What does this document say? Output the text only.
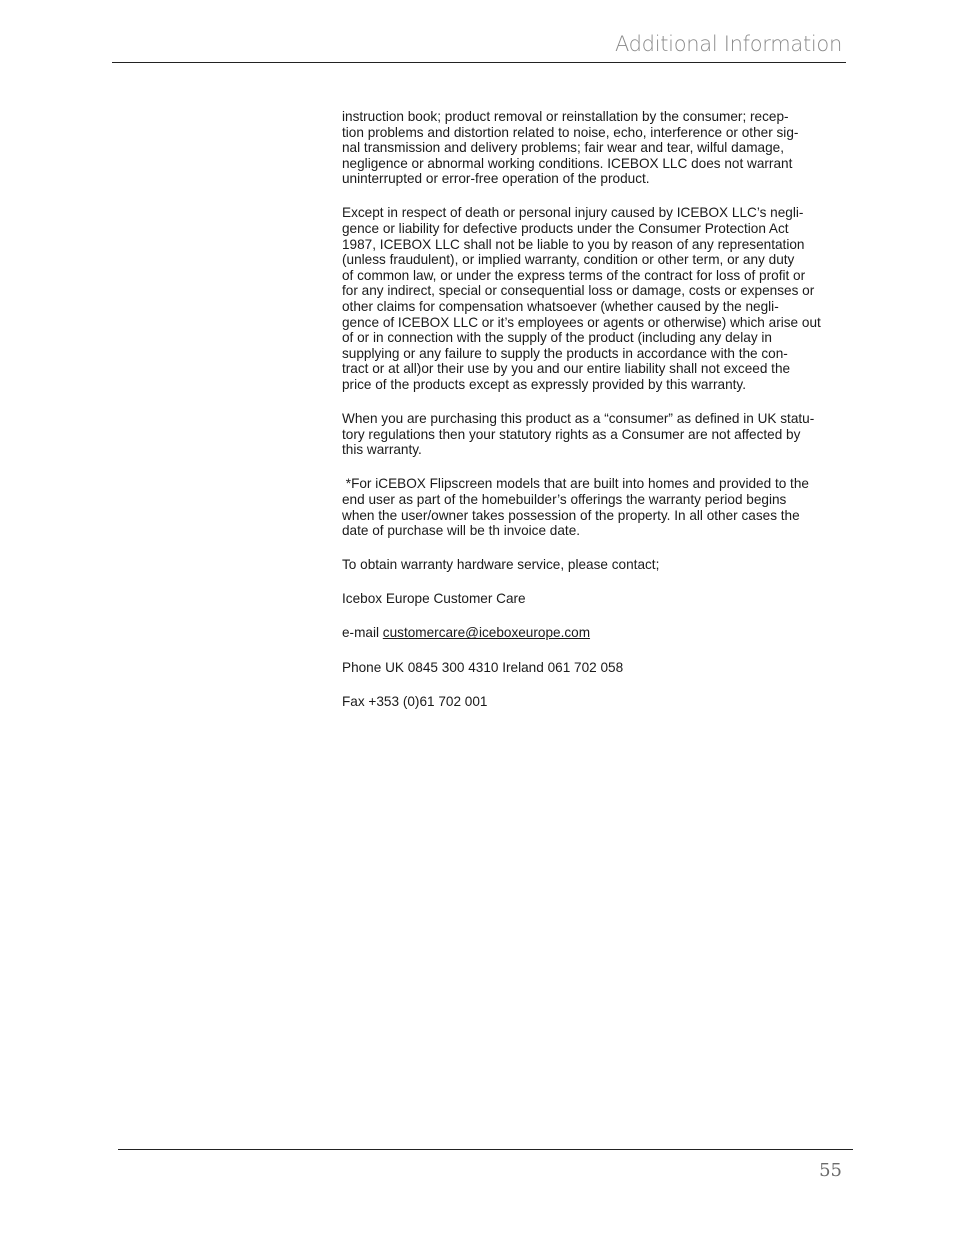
Additional Information

instruction book; product removal or reinstallation by the consumer; recep-
tion problems and distortion related to noise, echo, interference or other sig-
nal transmission and delivery problems; fair wear and tear, wilful damage,
negligence or abnormal working conditions. ICEBOX LLC does not warrant
uninterrupted or error-free operation of the product.

Except in respect of death or personal injury caused by ICEBOX LLC’s negli-
gence or liability for defective products under the Consumer Protection Act
1987, ICEBOX LLC shall not be liable to you by reason of any representation
(unless fraudulent), or implied warranty, condition or other term, or any duty
of common law, or under the express terms of the contract for loss of profit or
for any indirect, special or consequential loss or damage, costs or expenses or
other claims for compensation whatsoever (whether caused by the negli-
gence of ICEBOX LLC or it’s employees or agents or otherwise) which arise out
of or in connection with the supply of the product (including any delay in
supplying or any failure to supply the products in accordance with the con-
tract or at all)or their use by you and our entire liability shall not exceed the
price of the products except as expressly provided by this warranty.

When you are purchasing this product as a “consumer” as defined in UK statu-
tory regulations then your statutory rights as a Consumer are not affected by
this warranty.

*For iCEBOX Flipscreen models that are built into homes and provided to the
end user as part of the homebuilder’s offerings the warranty period begins
when the user/owner takes possession of the property. In all other cases the
date of purchase will be th invoice date.

To obtain warranty hardware service, please contact;

Icebox Europe Customer Care

e-mail customercare@iceboxeurope.com

Phone UK 0845 300 4310 Ireland 061 702 058

Fax +353 (0)61 702 001

55
